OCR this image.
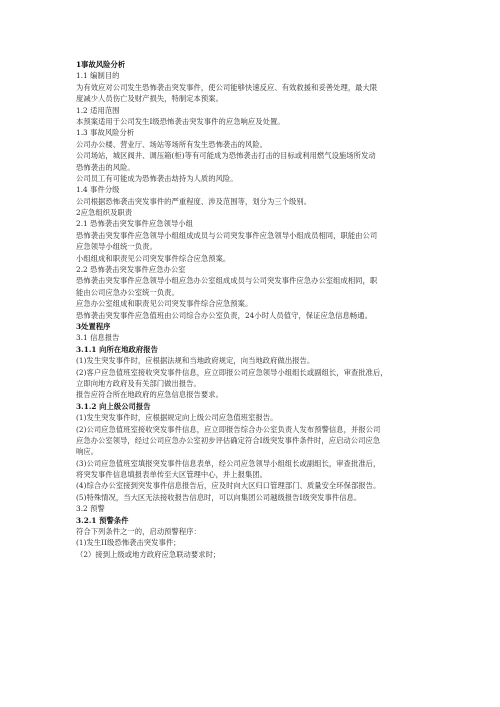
1事故风险分析
1.1 编制目的
为有效应对公司发生恐怖袭击突发事件，使公司能够快速反应、有效救援和妥善处理，最大限
度减少人员伤亡及财产损失，特制定本预案。
1.2 适用范围
本预案适用于公司发生I级恐怖袭击突发事件的应急响应及处置。
1.3 事故风险分析
公司办公楼、营业厅、场站等场所有发生恐怖袭击的风险。
公司场站，城区阀井、调压箱(柜)等有可能成为恐怖袭击打击的目标或利用燃气设施场所发动
恐怖袭击的风险。
公司员工有可能成为恐怖袭击劫持为人质的风险。
1.4 事件分级
公司根据恐怖袭击突发事件的严重程度、涉及范围等，划分为三个级别。
2应急组织及职责
2.1 恐怖袭击突发事件应急领导小组
恐怖袭击突发事件应急领导小组组成成员与公司突发事件应急领导小组成员相同，职能由公司
应急领导小组统一负责。
小组组成和职责见公司突发事件综合应急预案。
2.2 恐怖袭击突发事件应急办公室
恐怖袭击突发事件应急领导小组应急办公室组成成员与公司突发事件应急办公室组成相同，职
能由公司应急办公室统一负责。
应急办公室组成和职责见公司突发事件综合应急预案。
恐怖袭击突发事件应急值班由公司综合办公室负责，24小时人员值守，保证应急信息畅通。
3处置程序
3.1 信息报告
3.1.1 向所在地政府报告
(1)发生突发事件时，应根据法规和当地政府规定，向当地政府做出报告。
(2)客户应急值班室接收突发事件信息，应立即报公司应急领导小组组长或副组长，审查批准后，
立即向地方政府及有关部门做出报告。
报告应符合所在地政府的应急信息报告要求。
3.1.2 向上级公司报告
(1)发生突发事件时，应根据规定向上级公司应急值班室报告。
(2)公司应急值班室接收突发事件信息，应立即报告综合办公室负责人发布预警信息，并报公司
应急办公室领导，经过公司应急办公室初步评估确定符合I级突发事件条件时，应启动公司应急
响应。
(3)公司应急值班室填报突发事件信息表单，经公司应急领导小组组长或副组长，审查批准后，
将突发事件信息填报表单传至大区管理中心，并上报集团。
(4)综合办公室接到突发事件信息报告后，应及时向大区归口管理部门、质量安全环保部报告。
(5)特殊情况，当大区无法接收报告信息时，可以向集团公司越级报告I级突发事件信息。
3.2 预警
3.2.1 预警条件
符合下列条件之一的，启动预警程序：
(1)发生II级恐怖袭击突发事件；
（2）接到上级或地方政府应急联动要求时；
